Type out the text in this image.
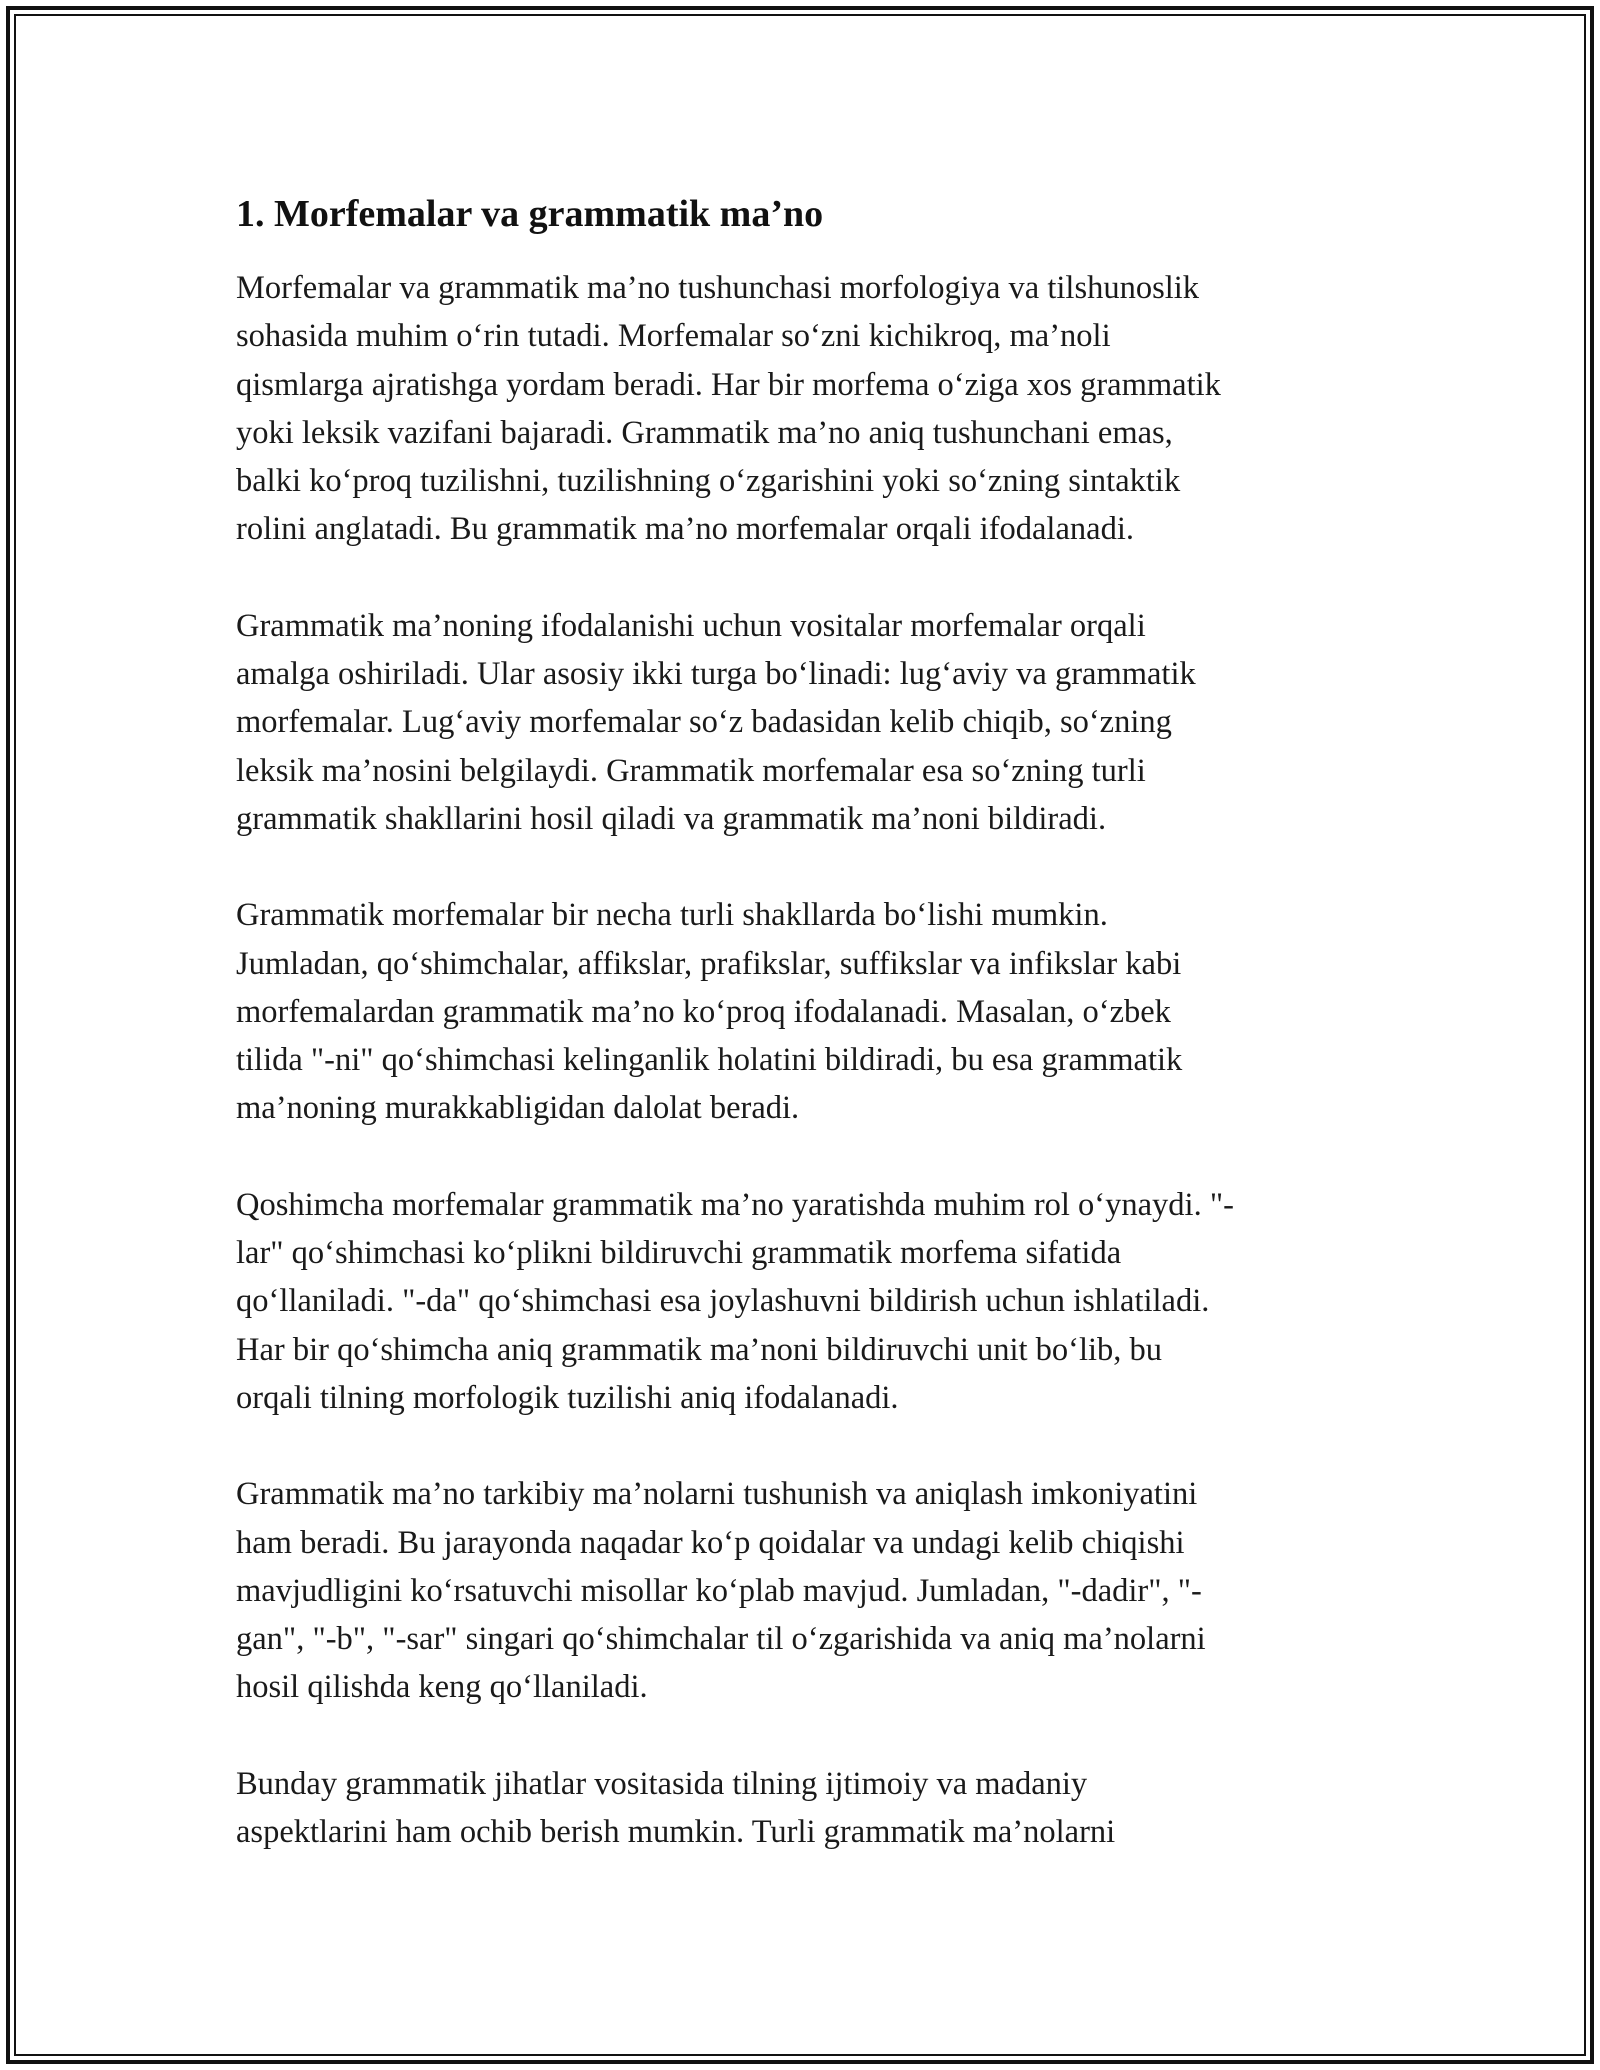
1. Morfemalar va grammatik ma’no

Morfemalar va grammatik ma’no tushunchasi morfologiya va tilshunoslik
sohasida muhim o‘rin tutadi. Morfemalar so‘zni kichikroq, ma’noli
qismlarga ajratishga yordam beradi. Har bir morfema o‘ziga xos grammatik
yoki leksik vazifani bajaradi. Grammatik ma’no aniq tushunchani emas,
balki ko‘proq tuzilishni, tuzilishning o‘zgarishini yoki so‘zning sintaktik
rolini anglatadi. Bu grammatik ma’no morfemalar orqali ifodalanadi.

Grammatik ma’noning ifodalanishi uchun vositalar morfemalar orqali
amalga oshiriladi. Ular asosiy ikki turga bo‘linadi: lug‘aviy va grammatik
morfemalar. Lug‘aviy morfemalar so‘z badasidan kelib chiqib, so‘zning
leksik ma’nosini belgilaydi. Grammatik morfemalar esa so‘zning turli
grammatik shakllarini hosil qiladi va grammatik ma’noni bildiradi.

Grammatik morfemalar bir necha turli shakllarda bo‘lishi mumkin.
Jumladan, qo‘shimchalar, affikslar, prafikslar, suffikslar va infikslar kabi
morfemalardan grammatik ma’no ko‘proq ifodalanadi. Masalan, o‘zbek
tilida "-ni" qo‘shimchasi kelinganlik holatini bildiradi, bu esa grammatik
ma’noning murakkabligidan dalolat beradi.

Qoshimcha morfemalar grammatik ma’no yaratishda muhim rol o‘ynaydi. "-
lar" qo‘shimchasi ko‘plikni bildiruvchi grammatik morfema sifatida
qo‘llaniladi. "-da" qo‘shimchasi esa joylashuvni bildirish uchun ishlatiladi.
Har bir qo‘shimcha aniq grammatik ma’noni bildiruvchi unit bo‘lib, bu
orqali tilning morfologik tuzilishi aniq ifodalanadi.

Grammatik ma’no tarkibiy ma’nolarni tushunish va aniqlash imkoniyatini
ham beradi. Bu jarayonda naqadar ko‘p qoidalar va undagi kelib chiqishi
mavjudligini ko‘rsatuvchi misollar ko‘plab mavjud. Jumladan, "-dadir", "-
gan", "-b", "-sar" singari qo‘shimchalar til o‘zgarishida va aniq ma’nolarni
hosil qilishda keng qo‘llaniladi.

Bunday grammatik jihatlar vositasida tilning ijtimoiy va madaniy
aspektlarini ham ochib berish mumkin. Turli grammatik ma’nolarni
